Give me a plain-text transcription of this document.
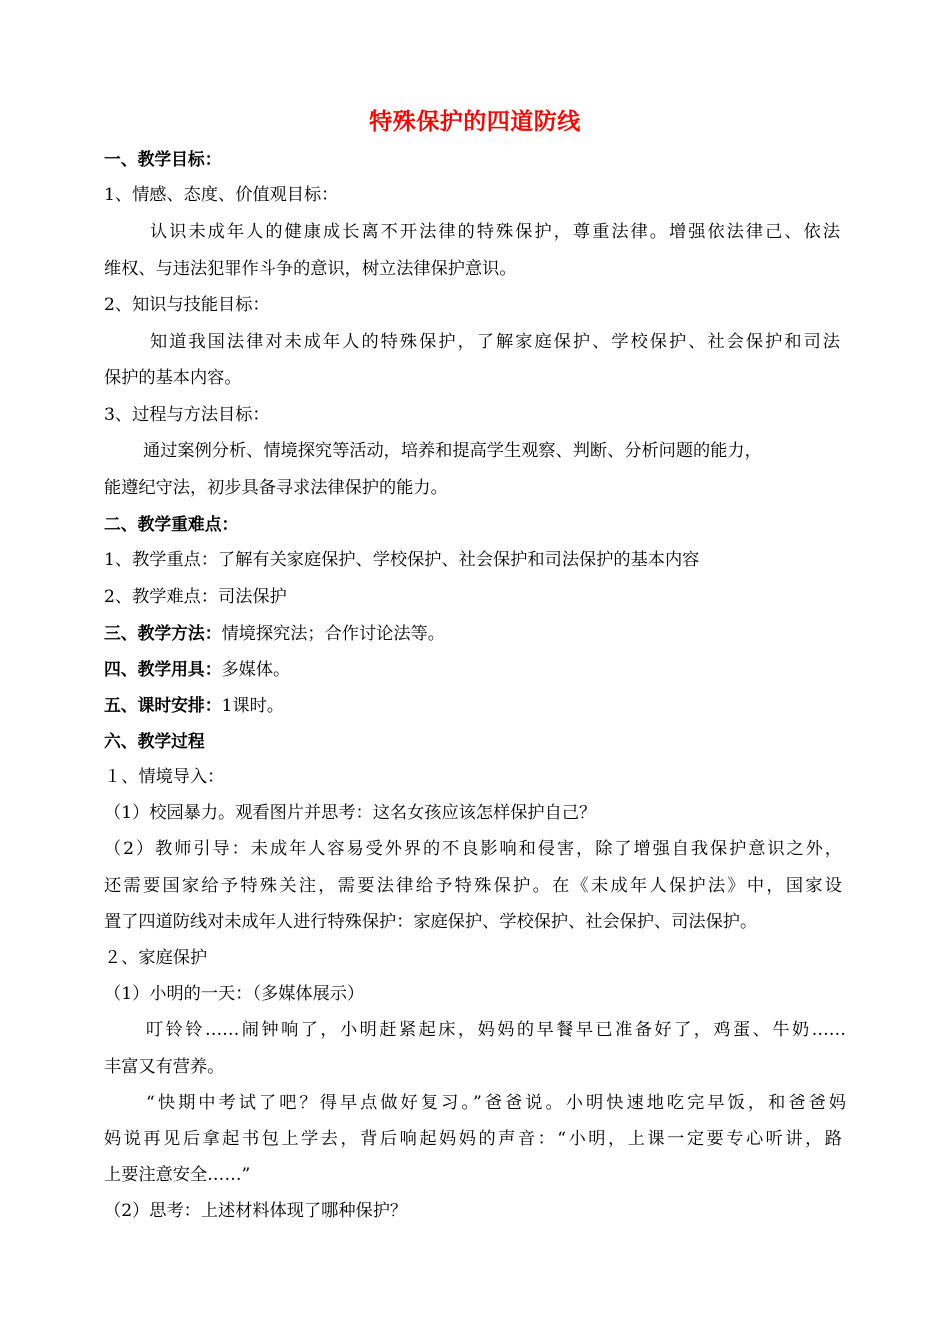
特殊保护的四道防线
一、教学目标：
1、情感、态度、价值观目标：
认识未成年人的健康成长离不开法律的特殊保护，尊重法律。增强依法律己、依法
维权、与违法犯罪作斗争的意识，树立法律保护意识。
2、知识与技能目标：
知道我国法律对未成年人的特殊保护，了解家庭保护、学校保护、社会保护和司法
保护的基本内容。
3、过程与方法目标：
通过案例分析、情境探究等活动，培养和提高学生观察、判断、分析问题的能力，
能遵纪守法，初步具备寻求法律保护的能力。
二、教学重难点：
1、教学重点：了解有关家庭保护、学校保护、社会保护和司法保护的基本内容
2、教学难点：司法保护
三、教学方法：情境探究法；合作讨论法等。
四、教学用具：多媒体。
五、课时安排：1课时。
六、教学过程
１、情境导入：
（1）校园暴力。观看图片并思考：这名女孩应该怎样保护自己？
（2）教师引导：未成年人容易受外界的不良影响和侵害，除了增强自我保护意识之外，
还需要国家给予特殊关注，需要法律给予特殊保护。在《未成年人保护法》中，国家设
置了四道防线对未成年人进行特殊保护：家庭保护、学校保护、社会保护、司法保护。
２、家庭保护
（1）小明的一天：（多媒体展示）
叮铃铃……闹钟响了，小明赶紧起床，妈妈的早餐早已准备好了，鸡蛋、牛奶……
丰富又有营养。
“快期中考试了吧？得早点做好复习。”爸爸说。小明快速地吃完早饭，和爸爸妈
妈说再见后拿起书包上学去，背后响起妈妈的声音：“小明，上课一定要专心听讲，路
上要注意安全……”
（2）思考：上述材料体现了哪种保护？
